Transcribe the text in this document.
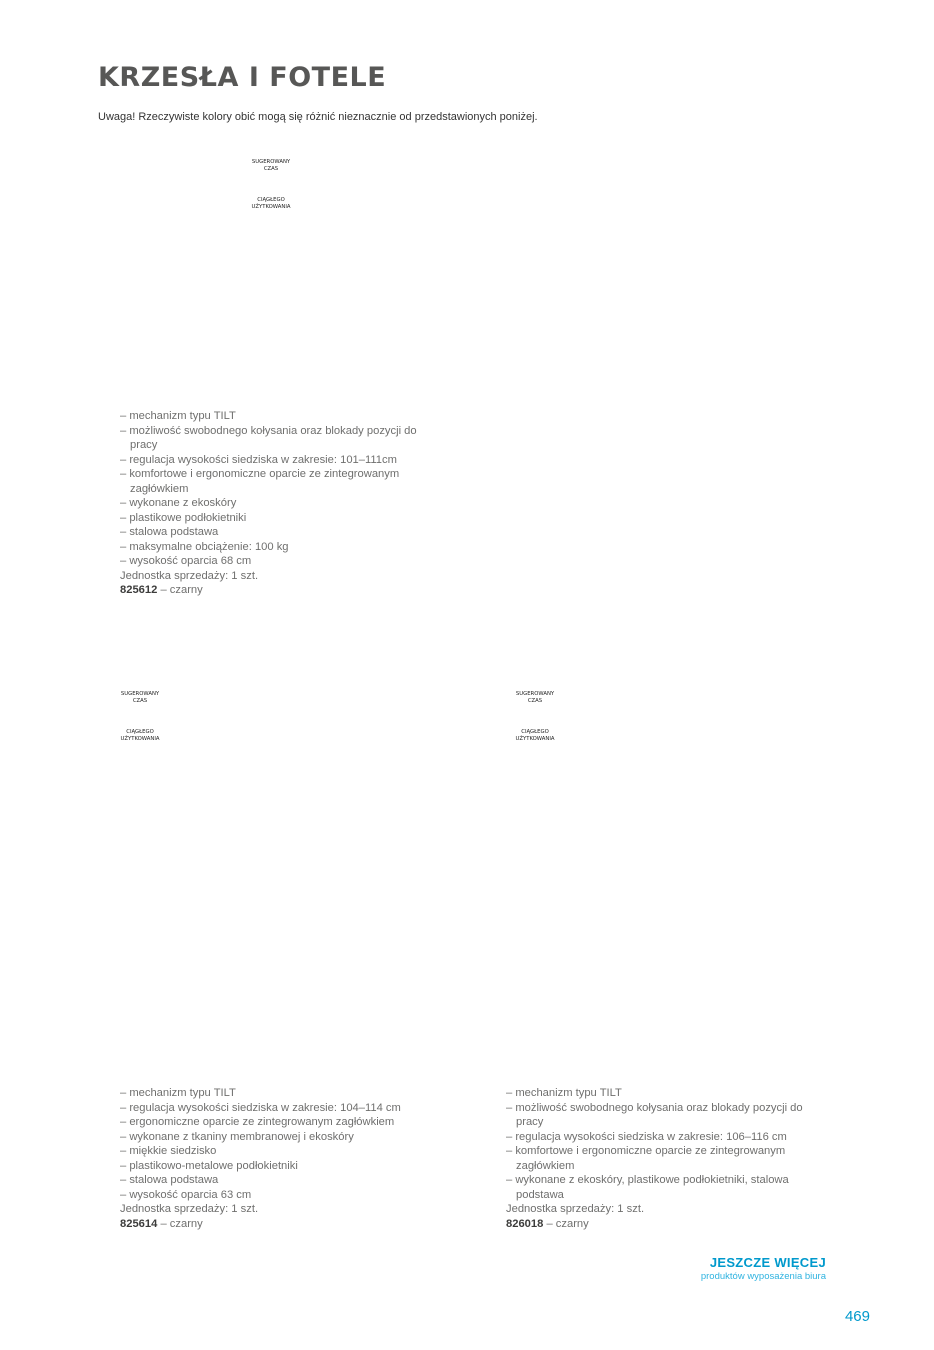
KRZESŁA I FOTELE
Uwaga! Rzeczywiste kolory obić mogą się różnić nieznacznie od przedstawionych poniżej.
SUGEROWANY
CZAS
CIĄGŁEGO
UŻYTKOWANIA
– mechanizm typu TILT
– możliwość swobodnego kołysania oraz blokady pozycji do pracy
– regulacja wysokości siedziska w zakresie: 101–111cm
– komfortowe i ergonomiczne oparcie ze zintegrowanym zagłówkiem
– wykonane z ekoskóry
– plastikowe podłokietniki
– stalowa podstawa
– maksymalne obciążenie: 100 kg
– wysokość oparcia 68 cm
Jednostka sprzedaży: 1 szt.
825612 – czarny
SUGEROWANY
CZAS
CIĄGŁEGO
UŻYTKOWANIA
SUGEROWANY
CZAS
CIĄGŁEGO
UŻYTKOWANIA
– mechanizm typu TILT
– regulacja wysokości siedziska w zakresie: 104–114 cm
– ergonomiczne oparcie ze zintegrowanym zagłówkiem
– wykonane z tkaniny membranowej i ekoskóry
– miękkie siedzisko
– plastikowo-metalowe podłokietniki
– stalowa podstawa
– wysokość oparcia 63 cm
Jednostka sprzedaży: 1 szt.
825614 – czarny
– mechanizm typu TILT
– możliwość swobodnego kołysania oraz blokady pozycji do pracy
– regulacja wysokości siedziska w zakresie: 106–116 cm
– komfortowe i ergonomiczne oparcie ze zintegrowanym zagłówkiem
– wykonane z ekoskóry, plastikowe podłokietniki, stalowa podstawa
Jednostka sprzedaży: 1 szt.
826018 – czarny
JESZCZE WIĘCEJ
produktów wyposażenia biura
469
